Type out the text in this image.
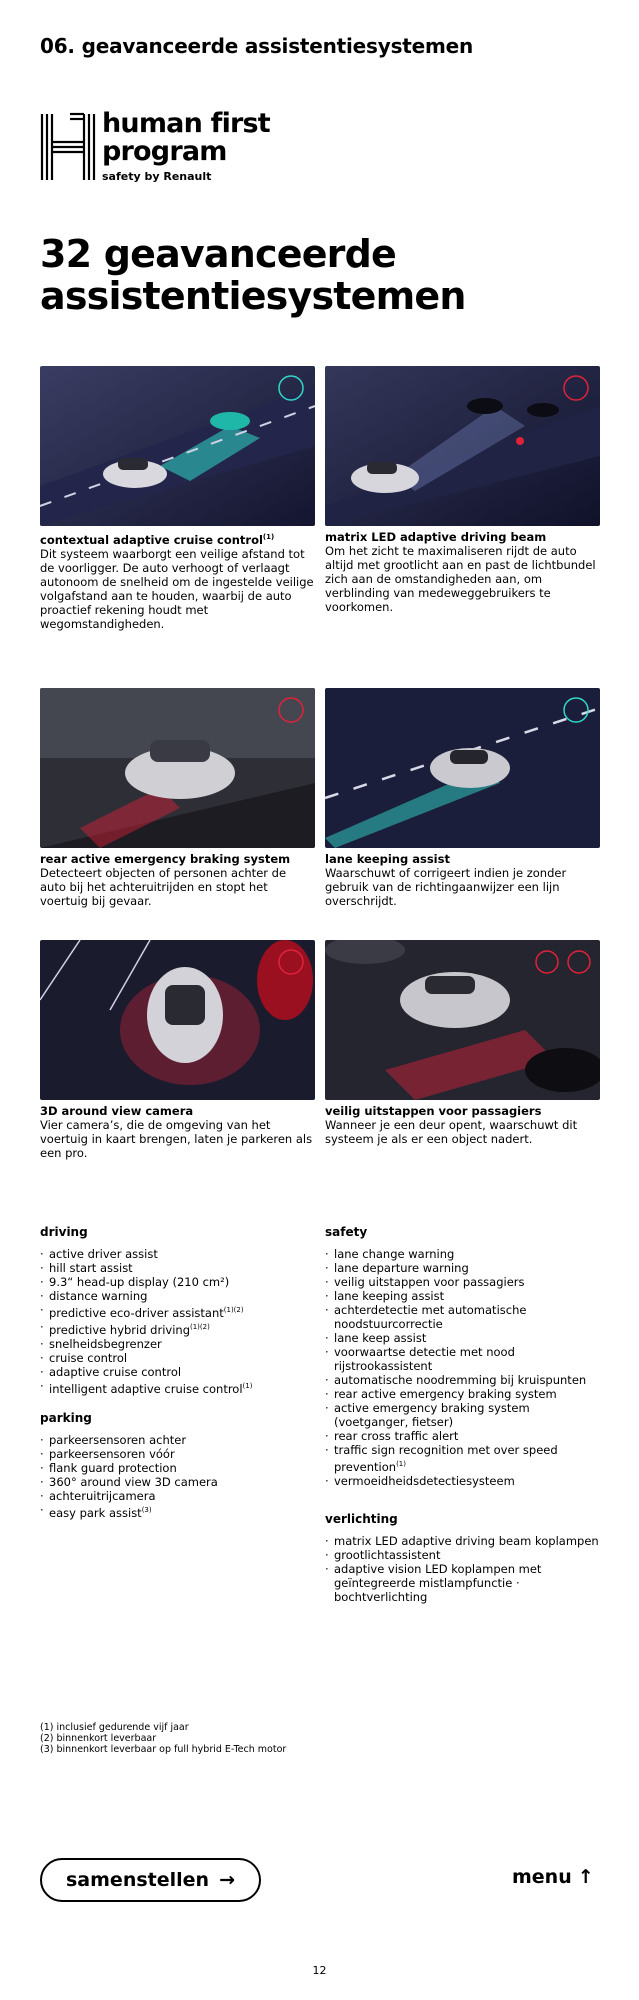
06. geavanceerde assistentiesystemen
human first
program
safety by Renault
32 geavanceerde
assistentiesystemen
contextual adaptive cruise control$^{(1)}$
Dit systeem waarborgt een veilige afstand tot de voorligger. De auto verhoogt of verlaagt autonoom de snelheid om de ingestelde veilige volgafstand aan te houden, waarbij de auto proactief rekening houdt met wegomstandigheden.
matrix LED adaptive driving beam
Om het zicht te maximaliseren rijdt de auto altijd met grootlicht aan en past de lichtbundel zich aan de omstandigheden aan, om verblinding van medeweggebruikers te voorkomen.
rear active emergency braking system
Detecteert objecten of personen achter de auto bij het achteruitrijden en stopt het voertuig bij gevaar.
lane keeping assist
Waarschuwt of corrigeert indien je zonder gebruik van de richtingaanwijzer een lijn overschrijdt.
3D around view camera
Vier camera’s, die de omgeving van het voertuig in kaart brengen, laten je parkeren als een pro.
veilig uitstappen voor passagiers
Wanneer je een deur opent, waarschuwt dit systeem je als er een object nadert.
driving
· active driver assist
· hill start assist
· 9.3“ head-up display (210 cm²)
· distance warning
· predictive eco-driver assistant$^{(1)(2)}$
· predictive hybrid driving$^{(1)(2)}$
· snelheidsbegrenzer
· cruise control
· adaptive cruise control
· intelligent adaptive cruise control$^{(1)}$
parking
· parkeersensoren achter
· parkeersensoren vóór
· flank guard protection
· 360° around view 3D camera
· achteruitrijcamera
· easy park assist$^{(3)}$
safety
· lane change warning
· lane departure warning
· veilig uitstappen voor passagiers
· lane keeping assist
· achterdetectie met automatische noodstuurcorrectie
· lane keep assist
· voorwaartse detectie met nood rijstrookassistent
· automatische noodremming bij kruispunten
· rear active emergency braking system
· active emergency braking system (voetganger, fietser)
· rear cross traffic alert
· traffic sign recognition met over speed prevention$^{(1)}$
· vermoeidheidsdetectiesysteem
verlichting
· matrix LED adaptive driving beam koplampen
· grootlichtassistent
· adaptive vision LED koplampen met geïntegreerde mistlampfunctie · bochtverlichting
(1) inclusief gedurende vijf jaar
(2) binnenkort leverbaar
(3) binnenkort leverbaar op full hybrid E-Tech motor
samenstellen →	menu ↑
12
